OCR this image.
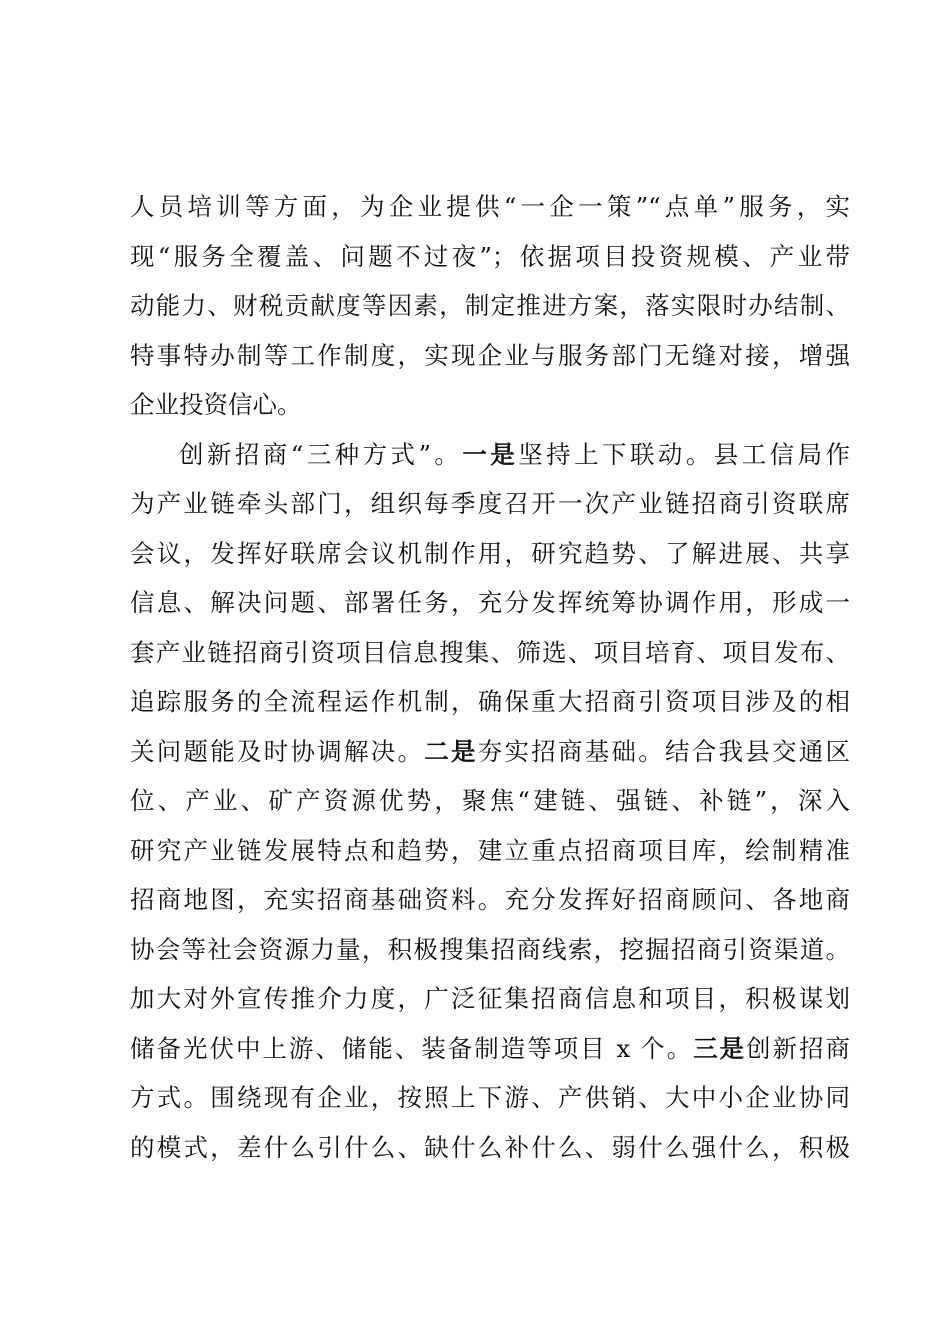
人员培训等方面，为企业提供“一企一策”“点单”服务，实
现“服务全覆盖、问题不过夜”；依据项目投资规模、产业带
动能力、财税贡献度等因素，制定推进方案，落实限时办结制、
特事特办制等工作制度，实现企业与服务部门无缝对接，增强
企业投资信心。
创新招商“三种方式”。一是坚持上下联动。县工信局作
为产业链牵头部门，组织每季度召开一次产业链招商引资联席
会议，发挥好联席会议机制作用，研究趋势、了解进展、共享
信息、解决问题、部署任务，充分发挥统筹协调作用，形成一
套产业链招商引资项目信息搜集、筛选、项目培育、项目发布、
追踪服务的全流程运作机制，确保重大招商引资项目涉及的相
关问题能及时协调解决。二是夯实招商基础。结合我县交通区
位、产业、矿产资源优势，聚焦“建链、强链、补链”，深入
研究产业链发展特点和趋势，建立重点招商项目库，绘制精准
招商地图，充实招商基础资料。充分发挥好招商顾问、各地商
协会等社会资源力量，积极搜集招商线索，挖掘招商引资渠道。
加大对外宣传推介力度，广泛征集招商信息和项目，积极谋划
储备光伏中上游、储能、装备制造等项目 x 个。三是创新招商
方式。围绕现有企业，按照上下游、产供销、大中小企业协同
的模式，差什么引什么、缺什么补什么、弱什么强什么，积极
